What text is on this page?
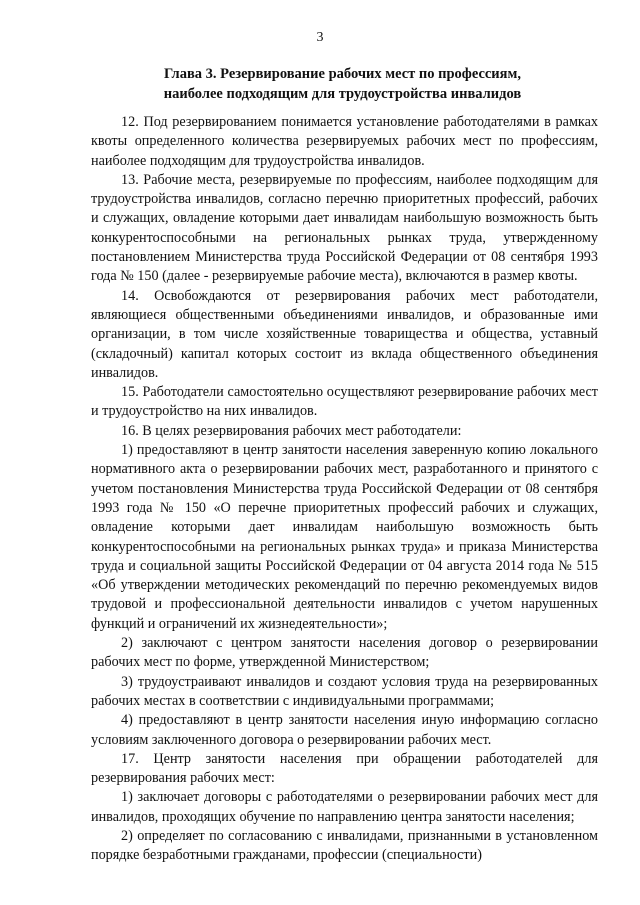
3
Глава 3. Резервирование рабочих мест по профессиям,
наиболее подходящим для трудоустройства инвалидов

12. Под резервированием понимается установление работодателями в рамках квоты определенного количества резервируемых рабочих мест по профессиям, наиболее подходящим для трудоустройства инвалидов.

13. Рабочие места, резервируемые по профессиям, наиболее подходящим для трудоустройства инвалидов, согласно перечню приоритетных профессий, рабочих и служащих, овладение которыми дает инвалидам наибольшую возможность быть конкурентоспособными на региональных рынках труда, утвержденному постановлением Министерства труда Российской Федерации от 08 сентября 1993 года № 150 (далее - резервируемые рабочие места), включаются в размер квоты.

14. Освобождаются от резервирования рабочих мест работодатели, являющиеся общественными объединениями инвалидов, и образованные ими организации, в том числе хозяйственные товарищества и общества, уставный (складочный) капитал которых состоит из вклада общественного объединения инвалидов.

15. Работодатели самостоятельно осуществляют резервирование рабочих мест и трудоустройство на них инвалидов.

16. В целях резервирования рабочих мест работодатели:

1) предоставляют в центр занятости населения заверенную копию локального нормативного акта о резервировании рабочих мест, разработанного и принятого с учетом постановления Министерства труда Российской Федерации от 08 сентября 1993 года № 150 «О перечне приоритетных профессий рабочих и служащих, овладение которыми дает инвалидам наибольшую возможность быть конкурентоспособными на региональных рынках труда» и приказа Министерства труда и социальной защиты Российской Федерации от 04 августа 2014 года № 515 «Об утверждении методических рекомендаций по перечню рекомендуемых видов трудовой и профессиональной деятельности инвалидов с учетом нарушенных функций и ограничений их жизнедеятельности»;

2) заключают с центром занятости населения договор о резервировании рабочих мест по форме, утвержденной Министерством;

3) трудоустраивают инвалидов и создают условия труда на резервированных рабочих местах в соответствии с индивидуальными программами;

4) предоставляют в центр занятости населения иную информацию согласно условиям заключенного договора о резервировании рабочих мест.

17. Центр занятости населения при обращении работодателей для резервирования рабочих мест:

1) заключает договоры с работодателями о резервировании рабочих мест для инвалидов, проходящих обучение по направлению центра занятости населения;

2) определяет по согласованию с инвалидами, признанными в установленном порядке безработными гражданами, профессии (специальности)
